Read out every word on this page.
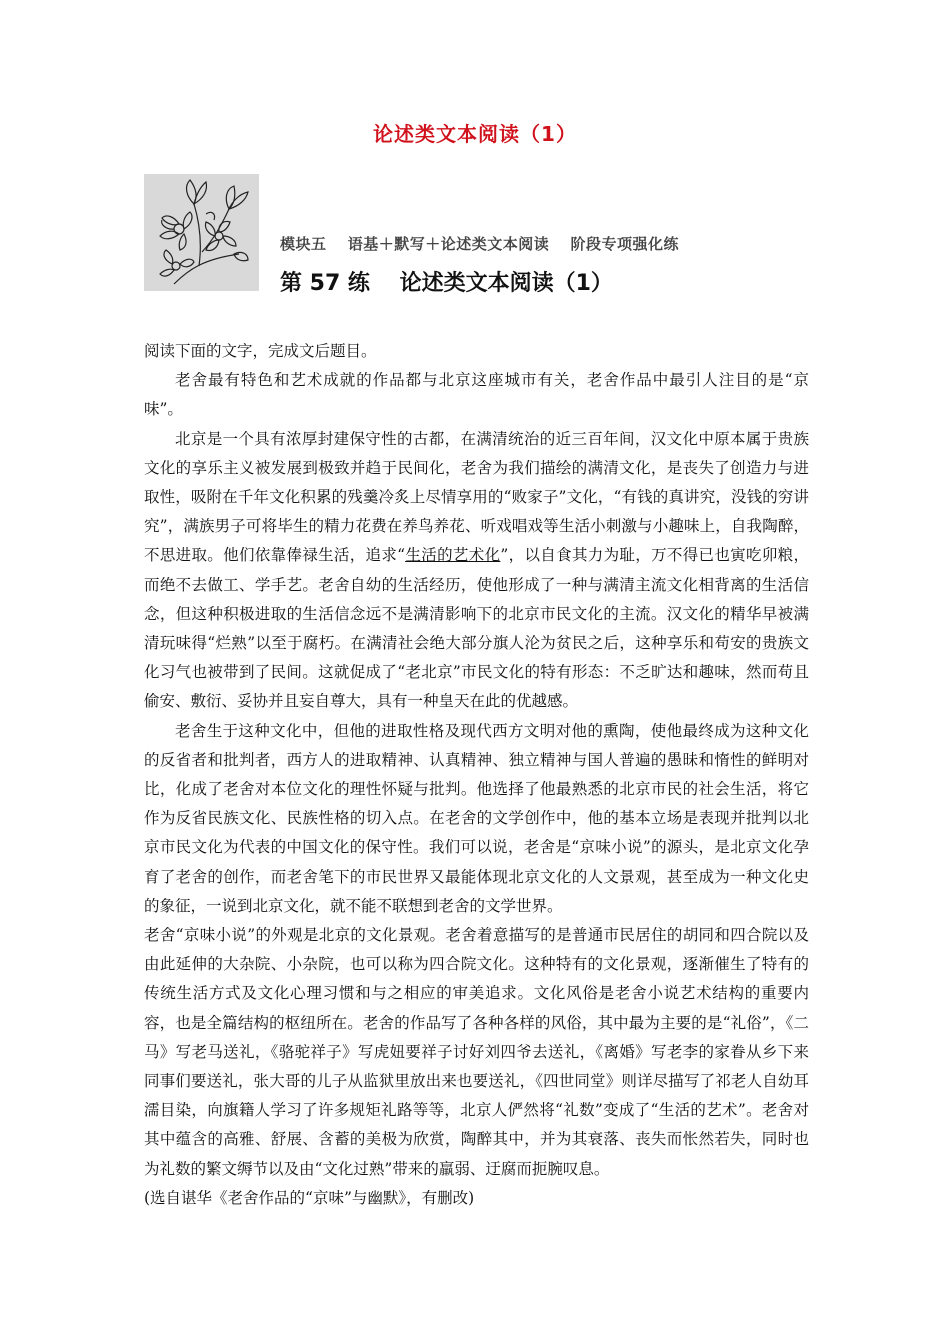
论述类文本阅读（1）
模块五　 语基＋默写＋论述类文本阅读　 阶段专项强化练
第 57 练　 论述类文本阅读（1）

阅读下面的文字，完成文后题目。

老舍最有特色和艺术成就的作品都与北京这座城市有关，老舍作品中最引人注目的是“京味”。

北京是一个具有浓厚封建保守性的古都，在满清统治的近三百年间，汉文化中原本属于贵族文化的享乐主义被发展到极致并趋于民间化，老舍为我们描绘的满清文化，是丧失了创造力与进取性，吸附在千年文化积累的残羹冷炙上尽情享用的“败家子”文化，“有钱的真讲究，没钱的穷讲究”，满族男子可将毕生的精力花费在养鸟养花、听戏唱戏等生活小刺激与小趣味上，自我陶醉，不思进取。他们依靠俸禄生活，追求“生活的艺术化”，以自食其力为耻，万不得已也寅吃卯粮，而绝不去做工、学手艺。老舍自幼的生活经历，使他形成了一种与满清主流文化相背离的生活信念，但这种积极进取的生活信念远不是满清影响下的北京市民文化的主流。汉文化的精华早被满清玩味得“烂熟”以至于腐朽。在满清社会绝大部分旗人沦为贫民之后，这种享乐和苟安的贵族文化习气也被带到了民间。这就促成了“老北京”市民文化的特有形态：不乏旷达和趣味，然而苟且偷安、敷衍、妥协并且妄自尊大，具有一种皇天在此的优越感。

老舍生于这种文化中，但他的进取性格及现代西方文明对他的熏陶，使他最终成为这种文化的反省者和批判者，西方人的进取精神、认真精神、独立精神与国人普遍的愚昧和惰性的鲜明对比，化成了老舍对本位文化的理性怀疑与批判。他选择了他最熟悉的北京市民的社会生活，将它作为反省民族文化、民族性格的切入点。在老舍的文学创作中，他的基本立场是表现并批判以北京市民文化为代表的中国文化的保守性。我们可以说，老舍是“京味小说”的源头，是北京文化孕育了老舍的创作，而老舍笔下的市民世界又最能体现北京文化的人文景观，甚至成为一种文化史的象征，一说到北京文化，就不能不联想到老舍的文学世界。

老舍“京味小说”的外观是北京的文化景观。老舍着意描写的是普通市民居住的胡同和四合院以及由此延伸的大杂院、小杂院，也可以称为四合院文化。这种特有的文化景观，逐渐催生了特有的传统生活方式及文化心理习惯和与之相应的审美追求。文化风俗是老舍小说艺术结构的重要内容，也是全篇结构的枢纽所在。老舍的作品写了各种各样的风俗，其中最为主要的是“礼俗”，《二马》写老马送礼，《骆驼祥子》写虎妞要祥子讨好刘四爷去送礼，《离婚》写老李的家眷从乡下来同事们要送礼，张大哥的儿子从监狱里放出来也要送礼，《四世同堂》则详尽描写了祁老人自幼耳濡目染，向旗籍人学习了许多规矩礼路等等，北京人俨然将“礼数”变成了“生活的艺术”。老舍对其中蕴含的高雅、舒展、含蓄的美极为欣赏，陶醉其中，并为其衰落、丧失而怅然若失，同时也为礼数的繁文缛节以及由“文化过熟”带来的羸弱、迂腐而扼腕叹息。

(选自谌华《老舍作品的“京味”与幽默》，有删改)
